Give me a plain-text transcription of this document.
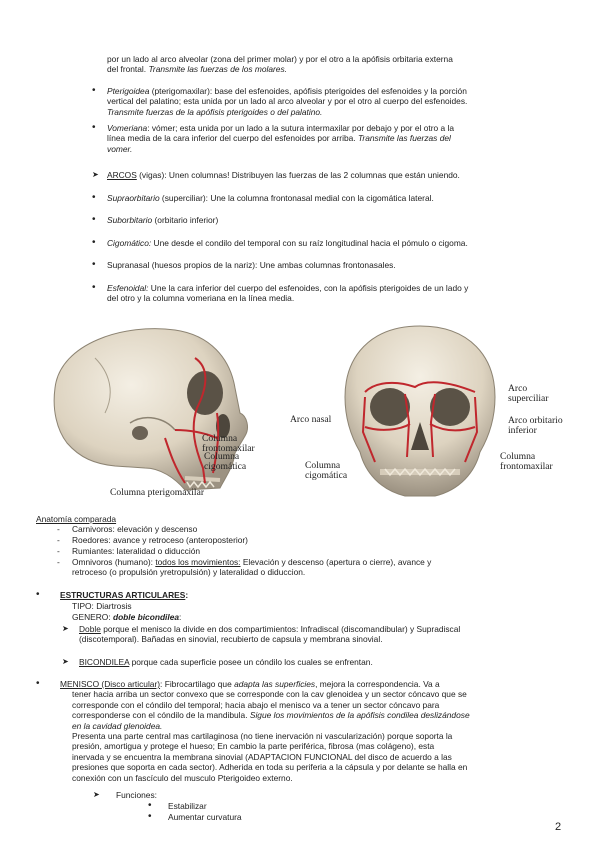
por un lado al arco alveolar (zona del primer molar) y por el otro a la apófisis orbitaria externa
del frontal. Transmite las fuerzas de los molares.
• Pterigoidea (pterigomaxilar): base del esfenoides, apófisis pterigoides del esfenoides y la porción
vertical del palatino; esta unida por un lado al arco alveolar y por el otro al cuerpo del esfenoides.
Transmite fuerzas de la apófisis pterigoides o del palatino.
• Vomeriana: vómer; esta unida por un lado a la sutura intermaxilar por debajo y por el otro a la
línea media de la cara inferior del cuerpo del esfenoides por arriba. Transmite las fuerzas del
vomer.
➤ ARCOS (vigas): Unen columnas! Distribuyen las fuerzas de las 2 columnas que están uniendo.
• Supraorbitario (superciliar): Une la columna frontonasal medial con la cigomática lateral.
• Suborbitario (orbitario inferior)
• Cigomático: Une desde el condilo del temporal con su raíz longitudinal hacia el pómulo o cigoma.
• Supranasal (huesos propios de la nariz): Une ambas columnas frontonasales.
• Esfenoidal: Une la cara inferior del cuerpo del esfenoides, con la apófisis pterigoides de un lado y
del otro y la columna vomeriana en la línea media.
Columna
frontomaxilar
Columna
cigomática
Columna pterigomaxilar
Arco nasal
Arco
superciliar
Arco orbitario
inferior
Columna
cigomática
Columna
frontomaxilar
Anatomía comparada
- Carnivoros: elevación y descenso
- Roedores: avance y retroceso (anteroposterior)
- Rumiantes: lateralidad o diducción
- Omnivoros (humano): todos los movimientos: Elevación y descenso (apertura o cierre), avance y
retroceso (o propulsión yretropulsión) y lateralidad o diduccion.
• ESTRUCTURAS ARTICULARES:
TIPO: Diartrosis
GENERO: doble bicondilea:
➤ Doble porque el menisco la divide en dos compartimientos: Infradiscal (discomandibular) y Supradiscal
(discotemporal). Bañadas en sinovial, recubierto de capsula y membrana sinovial.
➤ BICONDILEA porque cada superficie posee un cóndilo los cuales se enfrentan.
• MENISCO (Disco articular): Fibrocartilago que adapta las superficies, mejora la correspondencia. Va a
tener hacia arriba un sector convexo que se corresponde con la cav glenoidea y un sector cóncavo que se
corresponde con el cóndilo del temporal; hacia abajo el menisco va a tener un sector cóncavo para
corresponderse con el cóndilo de la mandibula. Sigue los movimientos de la apófisis condilea deslizándose
en la cavidad glenoidea.
Presenta una parte central mas cartilaginosa (no tiene inervación ni vascularización) porque soporta la
presión, amortigua y protege el hueso; En cambio la parte periférica, fibrosa (mas colágeno), esta
inervada y se encuentra la membrana sinovial (ADAPTACION FUNCIONAL del disco de acuerdo a las
presiones que soporta en cada sector). Adherida en toda su periferia a la cápsula y por delante se halla en
conexión con un fascículo del musculo Pterigoideo externo.
➤ Funciones:
• Estabilizar
• Aumentar curvatura
2
